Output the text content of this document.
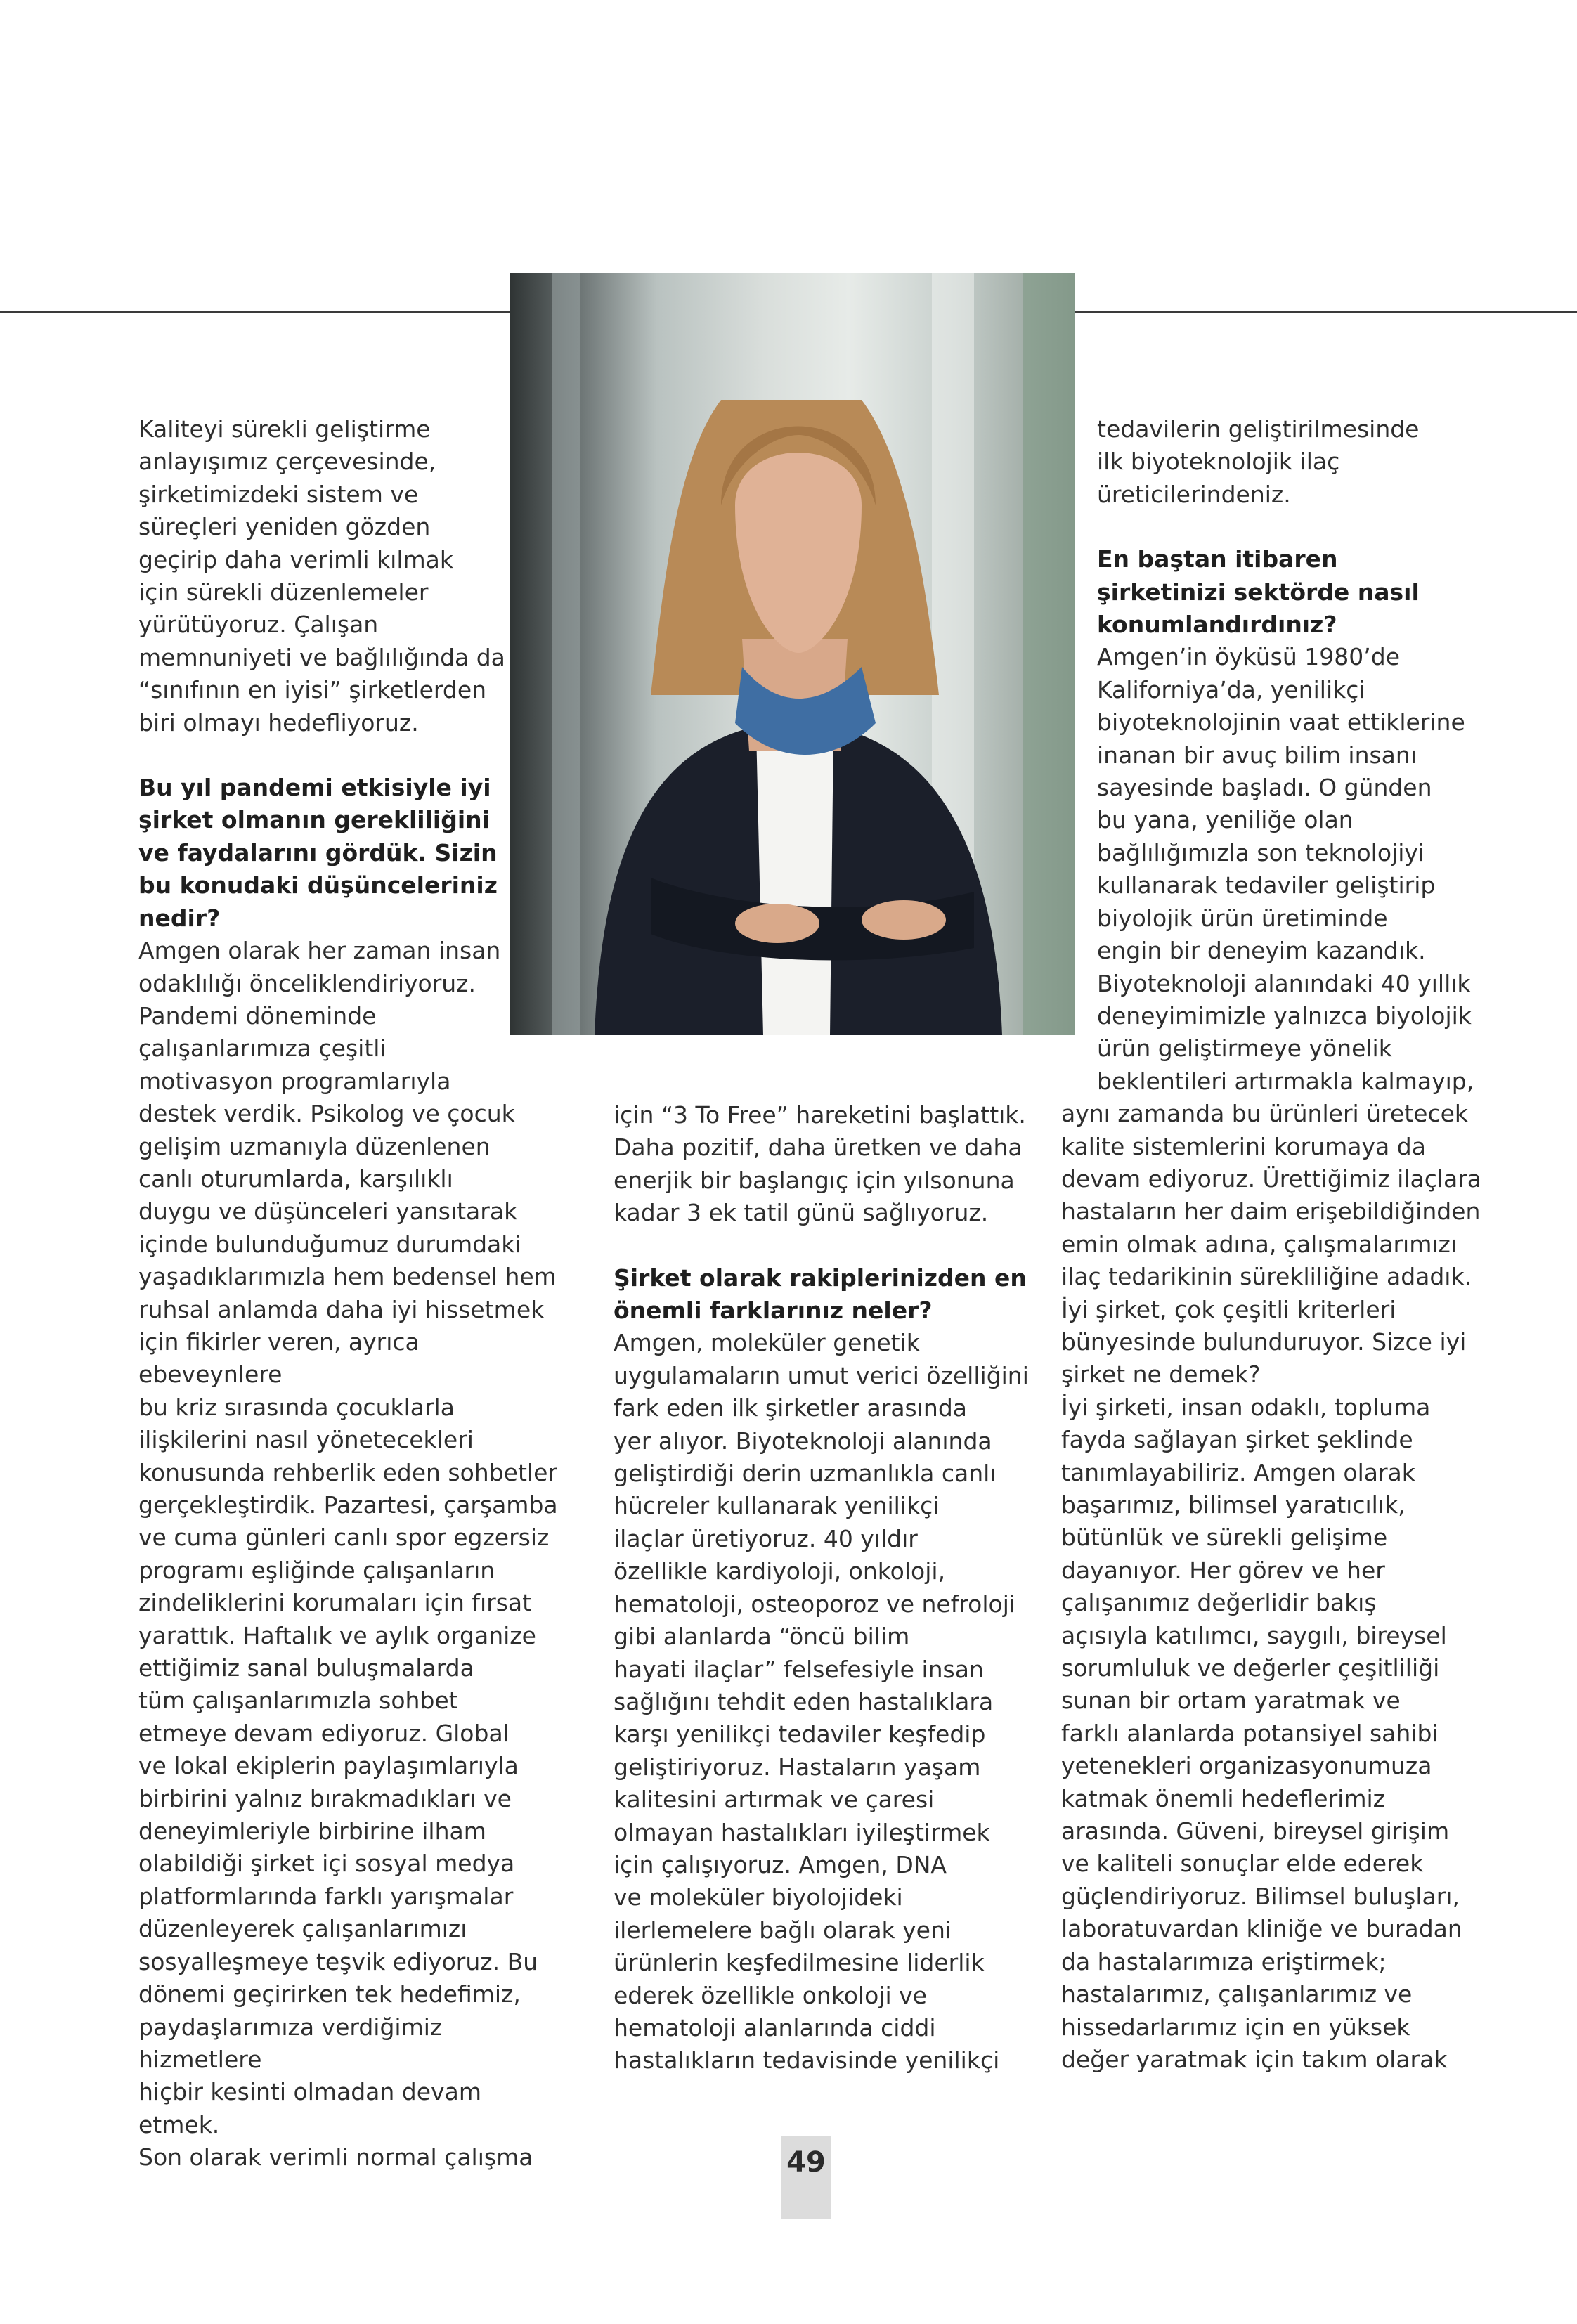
Kaliteyi sürekli geliştirme
anlayışımız çerçevesinde,
şirketimizdeki sistem ve
süreçleri yeniden gözden
geçirip daha verimli kılmak
için sürekli düzenlemeler
yürütüyoruz. Çalışan
memnuniyeti ve bağlılığında da
“sınıfının en iyisi” şirketlerden
biri olmayı hedefliyoruz.

Bu yıl pandemi etkisiyle iyi
şirket olmanın gerekliliğini
ve faydalarını gördük. Sizin
bu konudaki düşünceleriniz
nedir?

Amgen olarak her zaman insan
odaklılığı önceliklendiriyoruz.
Pandemi döneminde
çalışanlarımıza çeşitli
motivasyon programlarıyla
destek verdik. Psikolog ve çocuk
gelişim uzmanıyla düzenlenen
canlı oturumlarda, karşılıklı
duygu ve düşünceleri yansıtarak
içinde bulunduğumuz durumdaki
yaşadıklarımızla hem bedensel hem
ruhsal anlamda daha iyi hissetmek
için fikirler veren, ayrıca ebeveynlere
bu kriz sırasında çocuklarla
ilişkilerini nasıl yönetecekleri
konusunda rehberlik eden sohbetler
gerçekleştirdik. Pazartesi, çarşamba
ve cuma günleri canlı spor egzersiz
programı eşliğinde çalışanların
zindeliklerini korumaları için fırsat
yarattık. Haftalık ve aylık organize
ettiğimiz sanal buluşmalarda
tüm çalışanlarımızla sohbet
etmeye devam ediyoruz. Global
ve lokal ekiplerin paylaşımlarıyla
birbirini yalnız bırakmadıkları ve
deneyimleriyle birbirine ilham
olabildiği şirket içi sosyal medya
platformlarında farklı yarışmalar
düzenleyerek çalışanlarımızı
sosyalleşmeye teşvik ediyoruz. Bu
dönemi geçirirken tek hedefimiz,
paydaşlarımıza verdiğimiz hizmetlere
hiçbir kesinti olmadan devam etmek.
Son olarak verimli normal çalışma

için “3 To Free” hareketini başlattık.
Daha pozitif, daha üretken ve daha
enerjik bir başlangıç için yılsonuna
kadar 3 ek tatil günü sağlıyoruz.

Şirket olarak rakiplerinizden en
önemli farklarınız neler?

Amgen, moleküler genetik
uygulamaların umut verici özelliğini
fark eden ilk şirketler arasında
yer alıyor. Biyoteknoloji alanında
geliştirdiği derin uzmanlıkla canlı
hücreler kullanarak yenilikçi
ilaçlar üretiyoruz. 40 yıldır
özellikle kardiyoloji, onkoloji,
hematoloji, osteoporoz ve nefroloji
gibi alanlarda “öncü bilim
hayati ilaçlar” felsefesiyle insan
sağlığını tehdit eden hastalıklara
karşı yenilikçi tedaviler keşfedip
geliştiriyoruz. Hastaların yaşam
kalitesini artırmak ve çaresi
olmayan hastalıkları iyileştirmek
için çalışıyoruz. Amgen, DNA
ve moleküler biyolojideki
ilerlemelere bağlı olarak yeni
ürünlerin keşfedilmesine liderlik
ederek özellikle onkoloji ve
hematoloji alanlarında ciddi
hastalıkların tedavisinde yenilikçi

tedavilerin geliştirilmesinde
ilk biyoteknolojik ilaç
üreticilerindeniz.

En baştan itibaren
şirketinizi sektörde nasıl
konumlandırdınız?

Amgen’in öyküsü 1980’de
Kaliforniya’da, yenilikçi
biyoteknolojinin vaat ettiklerine
inanan bir avuç bilim insanı
sayesinde başladı. O günden
bu yana, yeniliğe olan
bağlılığımızla son teknolojiyi
kullanarak tedaviler geliştirip
biyolojik ürün üretiminde
engin bir deneyim kazandık.
Biyoteknoloji alanındaki 40 yıllık
deneyimimizle yalnızca biyolojik
ürün geliştirmeye yönelik
beklentileri artırmakla kalmayıp,

aynı zamanda bu ürünleri üretecek
kalite sistemlerini korumaya da
devam ediyoruz. Ürettiğimiz ilaçlara
hastaların her daim erişebildiğinden
emin olmak adına, çalışmalarımızı
ilaç tedarikinin sürekliliğine adadık.
İyi şirket, çok çeşitli kriterleri
bünyesinde bulunduruyor. Sizce iyi
şirket ne demek?
İyi şirketi, insan odaklı, topluma
fayda sağlayan şirket şeklinde
tanımlayabiliriz. Amgen olarak
başarımız, bilimsel yaratıcılık,
bütünlük ve sürekli gelişime
dayanıyor. Her görev ve her
çalışanımız değerlidir bakış
açısıyla katılımcı, saygılı, bireysel
sorumluluk ve değerler çeşitliliği
sunan bir ortam yaratmak ve
farklı alanlarda potansiyel sahibi
yetenekleri organizasyonumuza
katmak önemli hedeflerimiz
arasında. Güveni, bireysel girişim
ve kaliteli sonuçlar elde ederek
güçlendiriyoruz. Bilimsel buluşları,
laboratuvardan kliniğe ve buradan
da hastalarımıza eriştirmek;
hastalarımız, çalışanlarımız ve
hissedarlarımız için en yüksek
değer yaratmak için takım olarak

49
